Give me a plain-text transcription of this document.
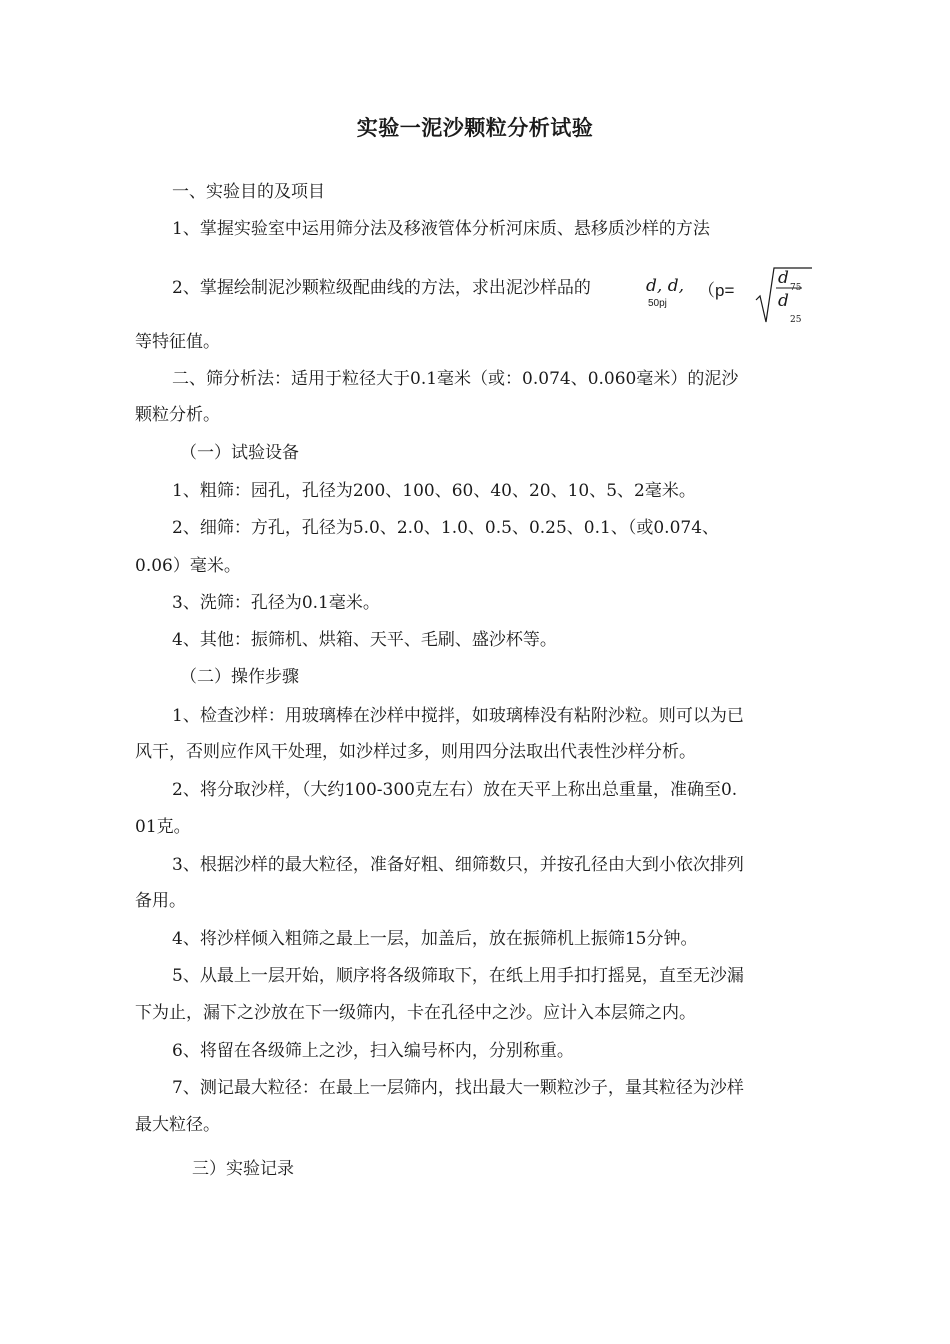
实验一泥沙颗粒分析试验
一、实验目的及项目
1、掌握实验室中运用筛分法及移液管体分析河床质、悬移质沙样的方法
2、掌握绘制泥沙颗粒级配曲线的方法，求出泥沙样品的	d, d,
50pj
（p=
d 75
d
25
等特征值。
二、筛分析法：适用于粒径大于0.1毫米（或：0.074、0.060毫米）的泥沙
颗粒分析。
（一）试验设备
1、粗筛：园孔，孔径为200、100、60、40、20、10、5、2毫米。
2、细筛：方孔，孔径为5.0、2.0、1.0、0.5、0.25、0.1、（或0.074、
0.06）毫米。
3、洗筛：孔径为0.1毫米。
4、其他：振筛机、烘箱、天平、毛刷、盛沙杯等。
（二）操作步骤
1、检查沙样：用玻璃棒在沙样中搅拌，如玻璃棒没有粘附沙粒。则可以为已
风干，否则应作风干处理，如沙样过多，则用四分法取出代表性沙样分析。
2、将分取沙样，（大约100-300克左右）放在天平上称出总重量，准确至0.
01克。
3、根据沙样的最大粒径，准备好粗、细筛数只，并按孔径由大到小依次排列
备用。
4、将沙样倾入粗筛之最上一层，加盖后，放在振筛机上振筛15分钟。
5、从最上一层开始，顺序将各级筛取下，在纸上用手扣打摇晃，直至无沙漏
下为止，漏下之沙放在下一级筛内，卡在孔径中之沙。应计入本层筛之内。
6、将留在各级筛上之沙，扫入编号杯内，分别称重。
7、测记最大粒径：在最上一层筛内，找出最大一颗粒沙子，量其粒径为沙样
最大粒径。
三）实验记录
